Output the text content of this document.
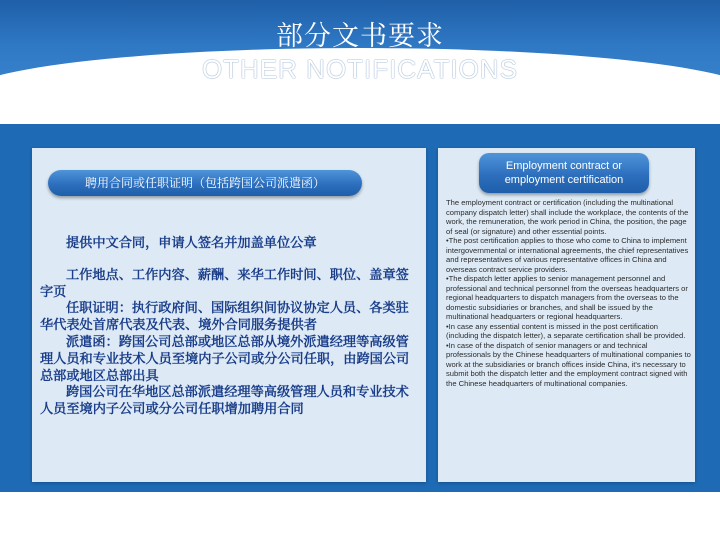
部分文书要求
OTHER NOTIFICATIONS
聘用合同或任职证明（包括跨国公司派遣函）
Employment contract or
employment certification

提供中文合同，申请人签名并加盖单位公章

工作地点、工作内容、薪酬、来华工作时间、职位、盖章签字页

任职证明：执行政府间、国际组织间协议协定人员、各类驻华代表处首席代表及代表、境外合同服务提供者

派遣函：跨国公司总部或地区总部从境外派遣经理等高级管理人员和专业技术人员至境内子公司或分公司任职，由跨国公司总部或地区总部出具

跨国公司在华地区总部派遣经理等高级管理人员和专业技术人员至境内子公司或分公司任职增加聘用合同

The employment contract or certification (including the multinational company dispatch letter) shall include the workplace, the contents of the work, the remuneration, the work period in China, the position, the page of seal (or signature) and other essential points.

•The post certification applies to those who come to China to implement intergovernmental or international agreements, the chief representatives and representatives of various representative offices in China and overseas contract service providers.

•The dispatch letter applies to senior management personnel and professional and technical personnel from the overseas headquarters or regional headquarters to dispatch managers from the overseas to the domestic subsidiaries or branches, and shall be issued by the multinational headquarters or regional headquarters.

•In case any essential content is missed in the post certification (including the dispatch letter), a separate certification shall be provided.

•In case of the dispatch of senior managers or and technical professionals by the Chinese headquarters of multinational companies to work at the subsidiaries or branch offices inside China, it's necessary to submit both the dispatch letter and the employment contract signed with the Chinese headquarters of multinational companies.
